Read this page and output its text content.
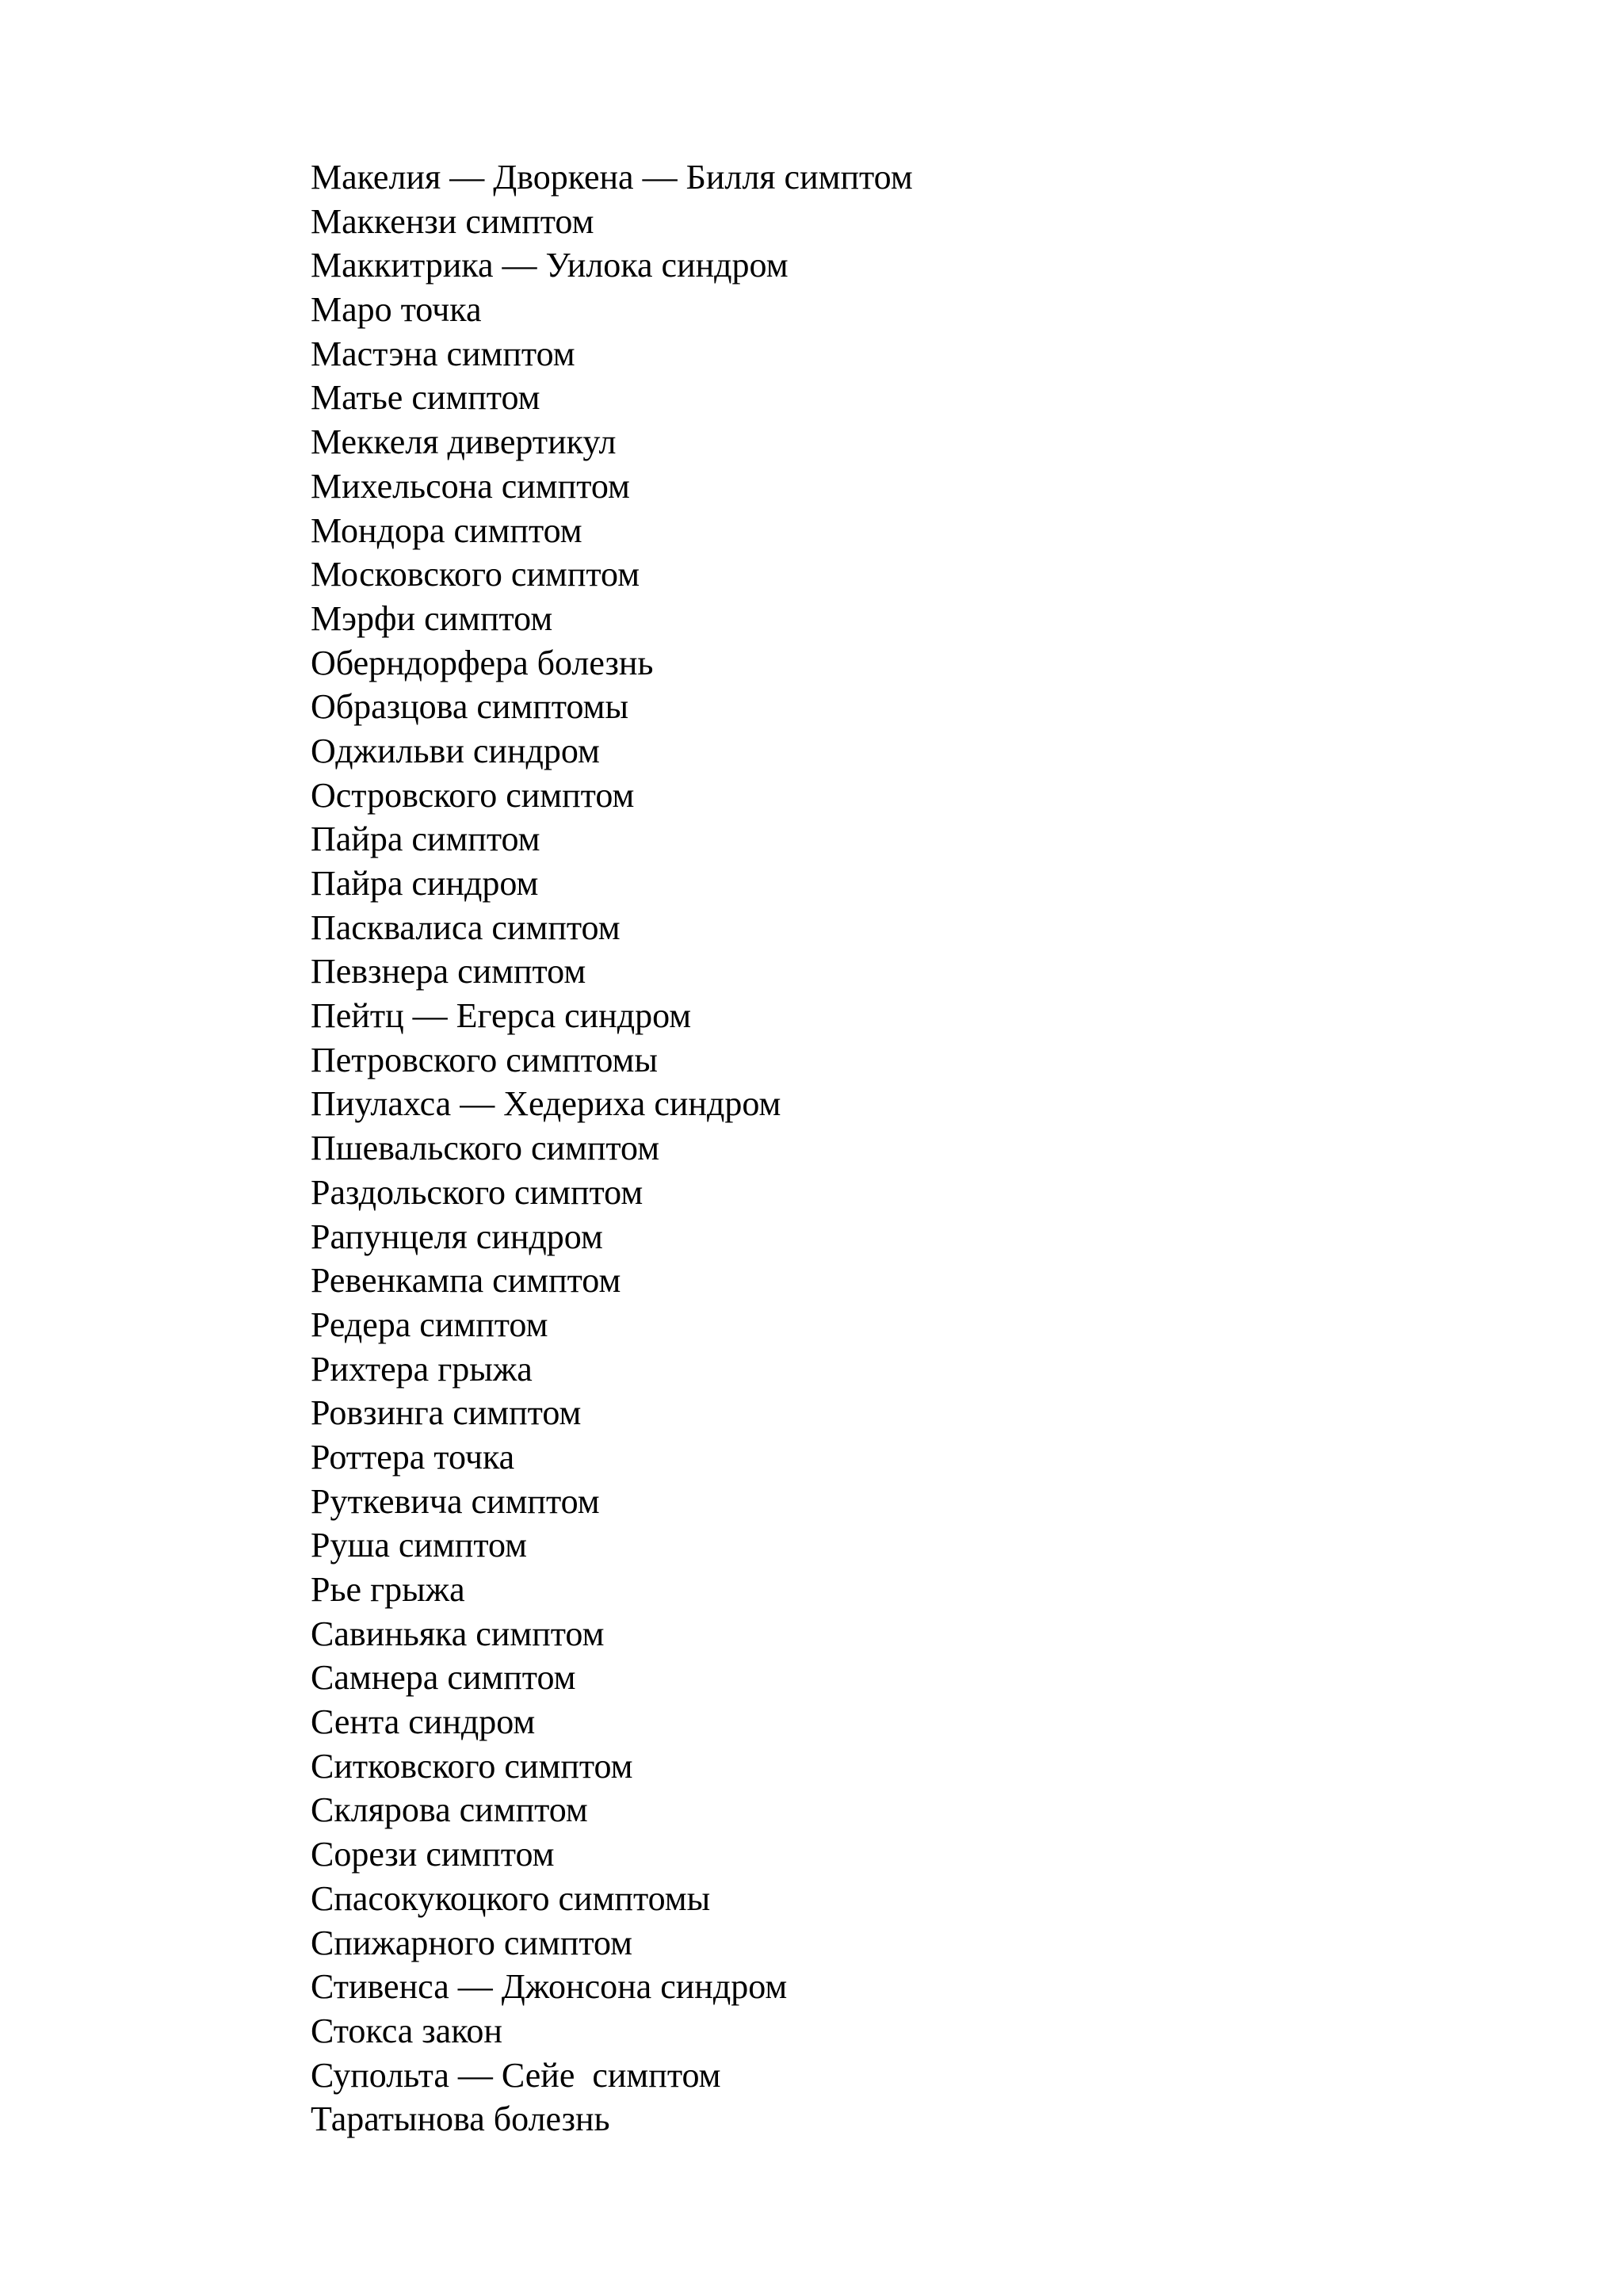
Макелия — Дворкена — Билля симптом
Маккензи симптом
Маккитрика — Уилока синдром
Маро точка
Мастэна симптом
Матье симптом
Меккеля дивертикул
Михельсона симптом
Мондора симптом
Московского симптом
Мэрфи симптом
Оберндорфера болезнь
Образцова симптомы
Оджильви синдром
Островского симптом
Пайра симптом
Пайра синдром
Пасквалиса симптом
Певзнера симптом
Пейтц — Егерса синдром
Петровского симптомы
Пиулахса — Хедериха синдром
Пшевальского симптом
Раздольского симптом
Рапунцеля синдром
Ревенкампа симптом
Редера симптом
Рихтера грыжа
Ровзинга симптом
Роттера точка
Руткевича симптом
Руша симптом
Рье грыжа
Савиньяка симптом
Самнера симптом
Сента синдром
Ситковского симптом
Склярова симптом
Сорези симптом
Спасокукоцкого симптомы
Спижарного симптом
Стивенса — Джонсона синдром
Стокса закон
Супольта — Сейе  симптом
Таратынова болезнь
